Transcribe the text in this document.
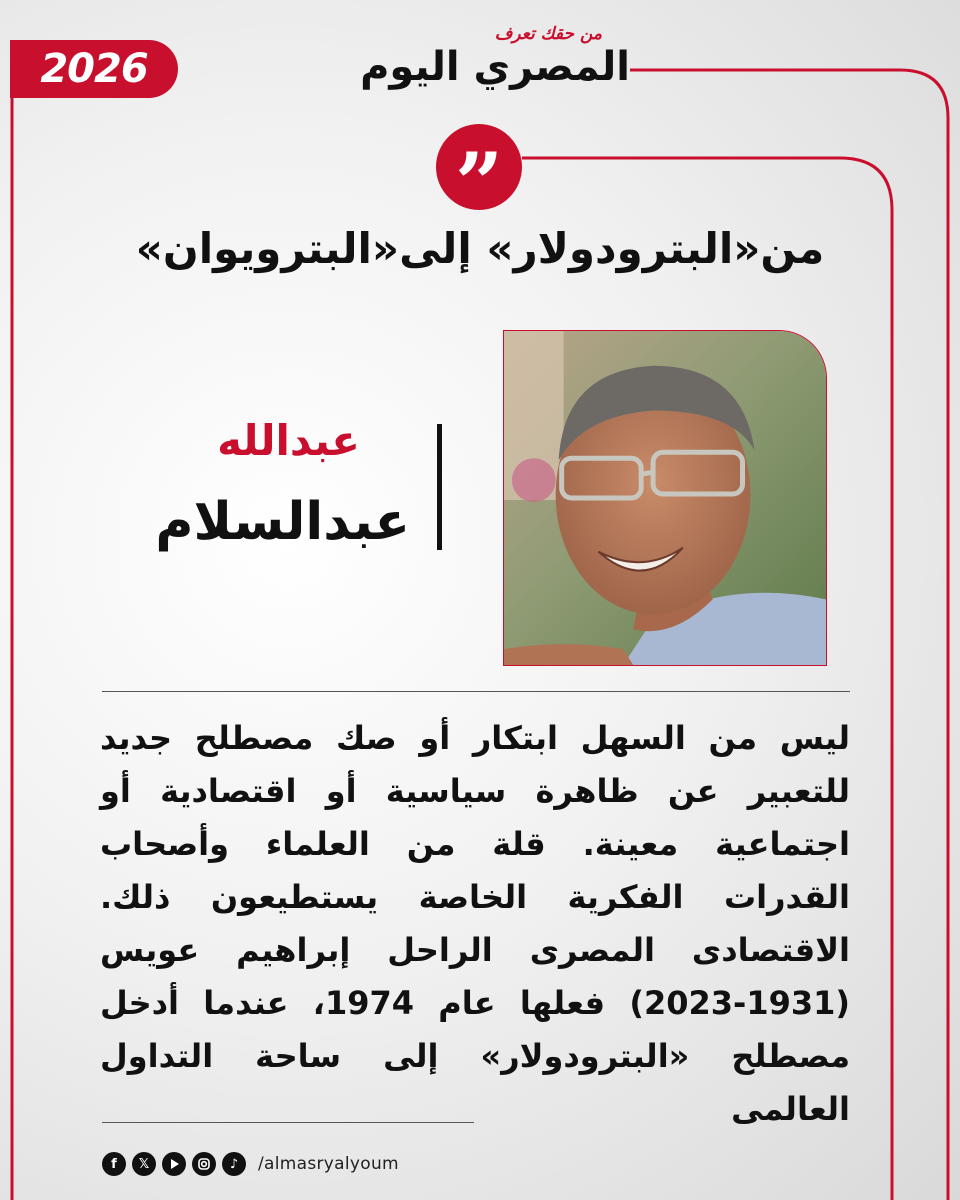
2026
من حقك تعرف
المصري اليوم
”
من«البترودولار» إلى«البترويوان»
عبدالله
عبدالسلام
ليس من السهل ابتكار أو صك مصطلح جديد للتعبير عن ظاهرة سياسية أو اقتصادية أو اجتماعية معينة. قلة من العلماء وأصحاب القدرات الفكرية الخاصة يستطيعون ذلك. الاقتصادى المصرى الراحل إبراهيم عويس (1931-2023) فعلها عام 1974، عندما أدخل مصطلح «البترودولار» إلى ساحة التداول العالمى
f	𝕏	♪	/almasryalyoum
